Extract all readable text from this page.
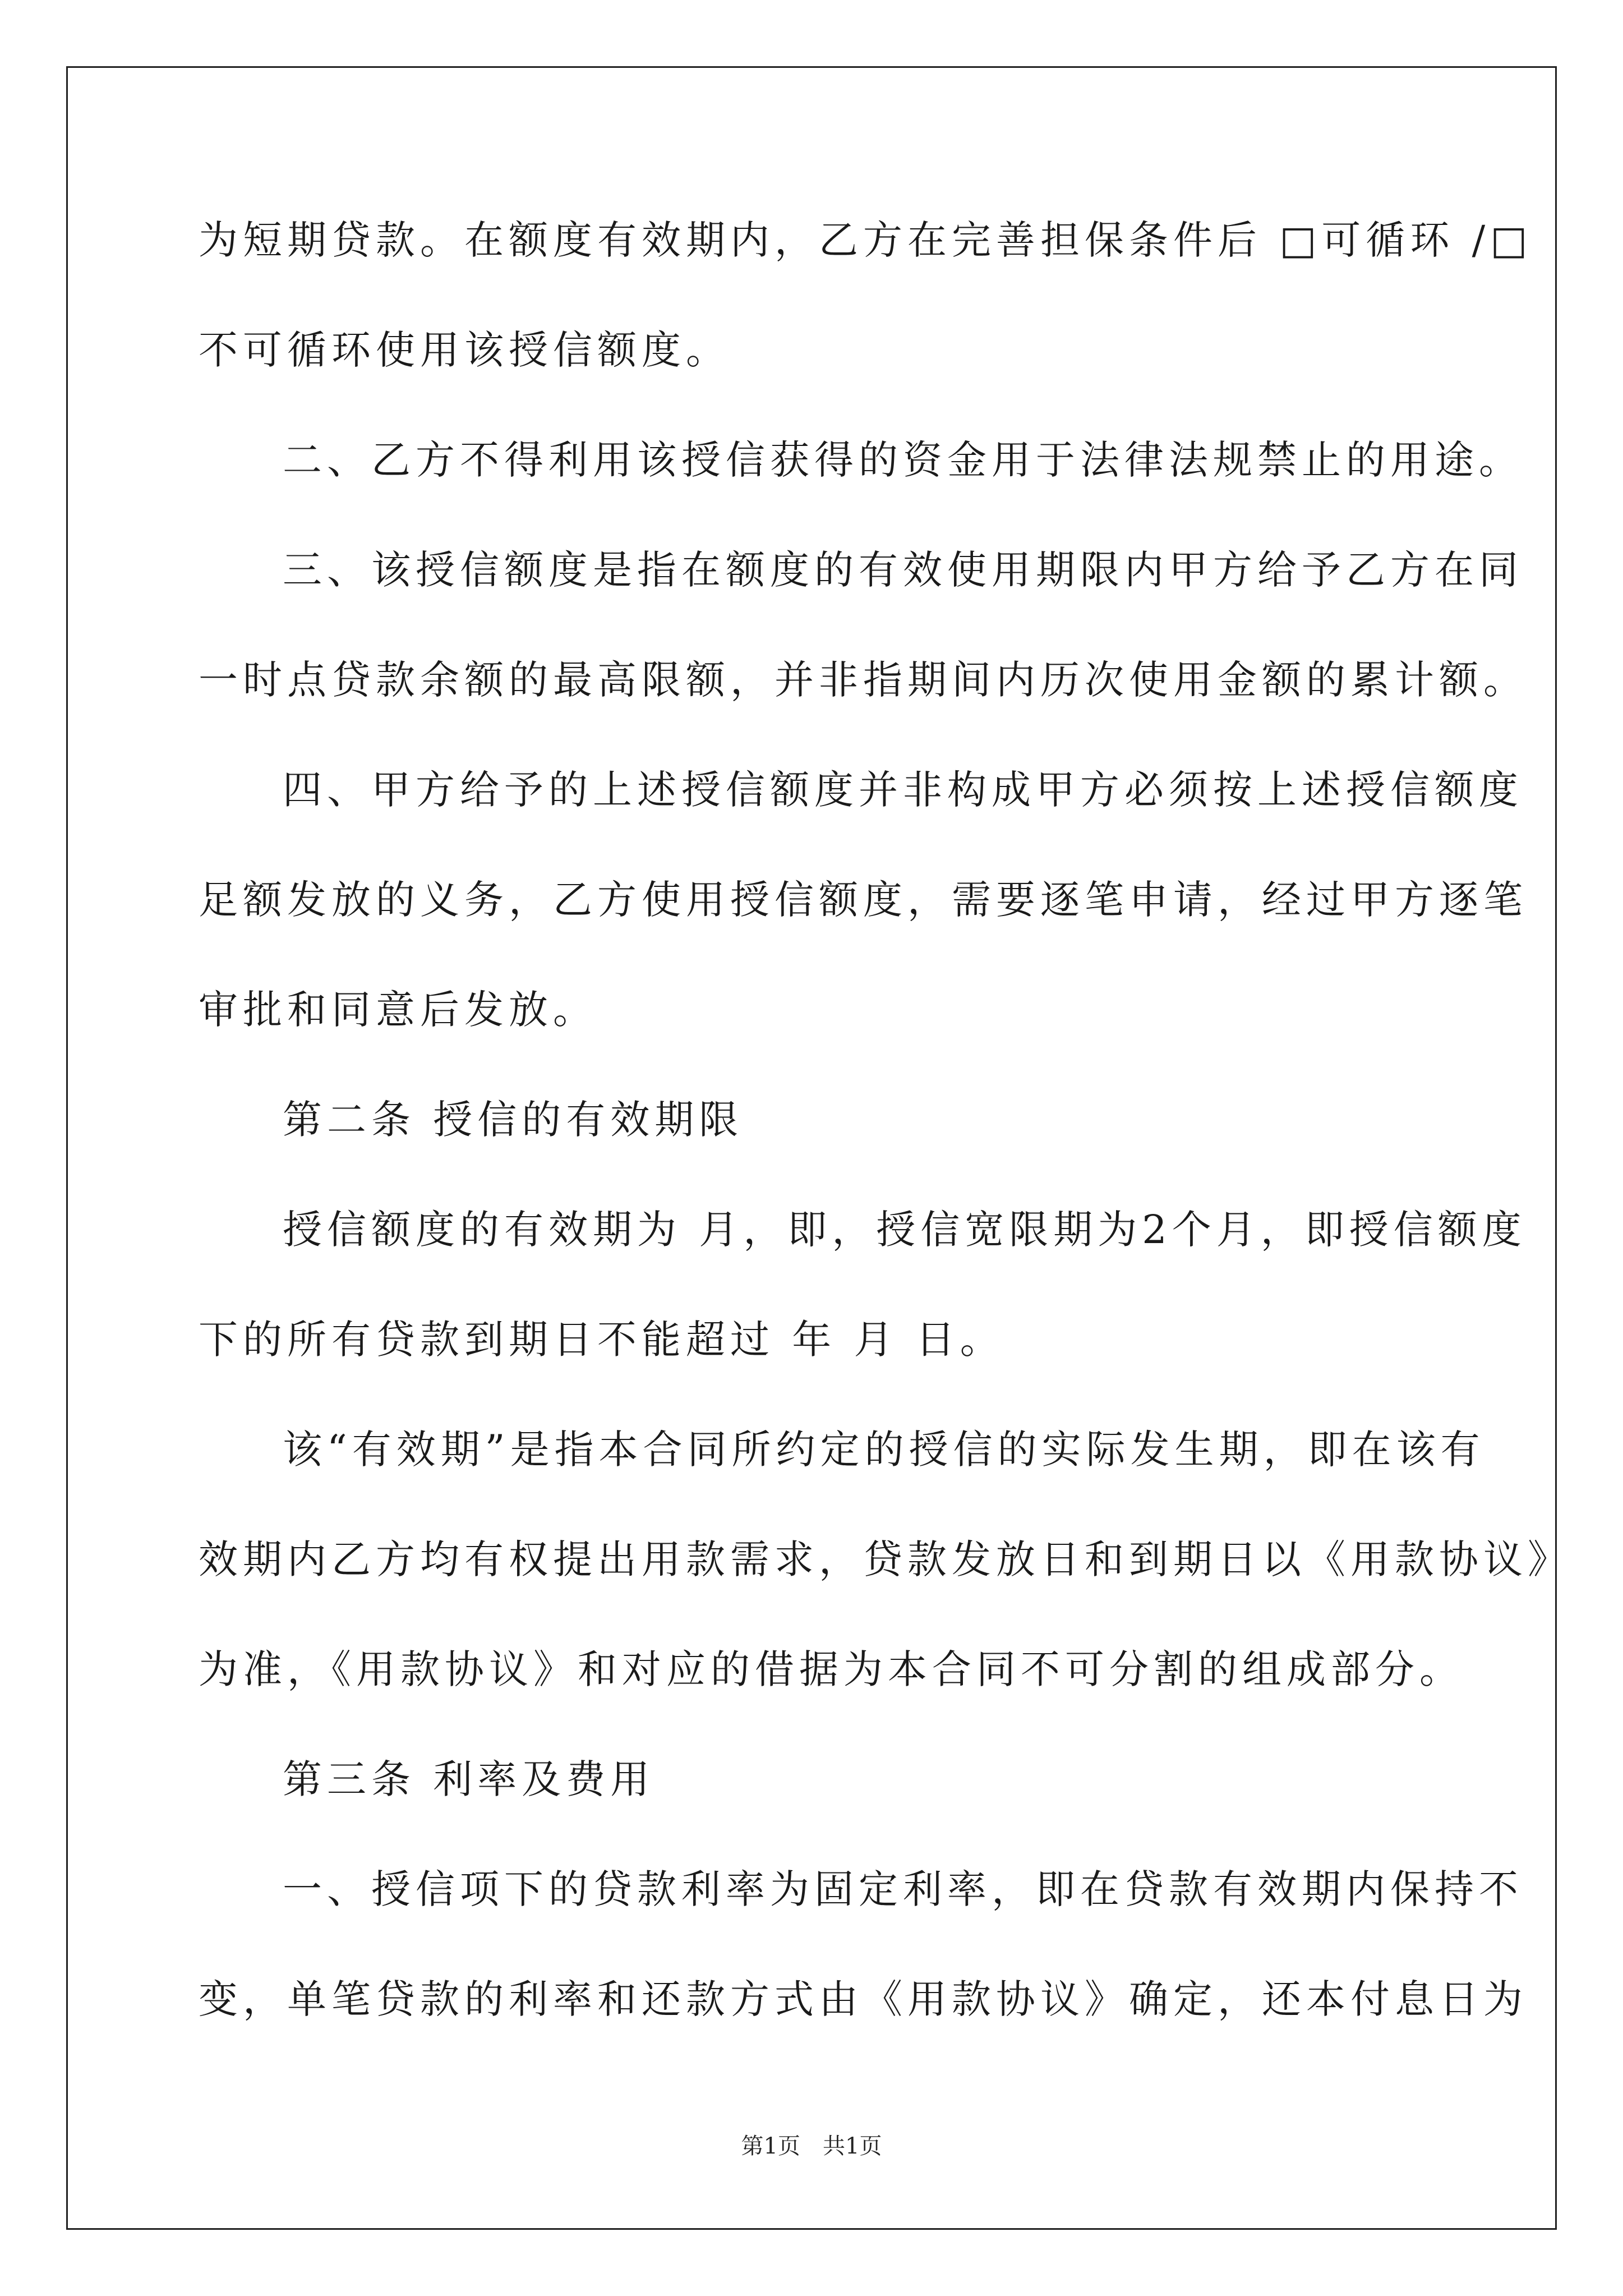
为短期贷款。在额度有效期内，乙方在完善担保条件后 □可循环 /□
不可循环使用该授信额度。
二、乙方不得利用该授信获得的资金用于法律法规禁止的用途。
三、该授信额度是指在额度的有效使用期限内甲方给予乙方在同
一时点贷款余额的最高限额，并非指期间内历次使用金额的累计额。
四、甲方给予的上述授信额度并非构成甲方必须按上述授信额度
足额发放的义务，乙方使用授信额度，需要逐笔申请，经过甲方逐笔
审批和同意后发放。
第二条 授信的有效期限
授信额度的有效期为 月，即，授信宽限期为2个月，即授信额度
下的所有贷款到期日不能超过 年 月 日。
该“有效期”是指本合同所约定的授信的实际发生期，即在该有
效期内乙方均有权提出用款需求，贷款发放日和到期日以《用款协议》
为准，《用款协议》和对应的借据为本合同不可分割的组成部分。
第三条 利率及费用
一、授信项下的贷款利率为固定利率，即在贷款有效期内保持不
变，单笔贷款的利率和还款方式由《用款协议》确定，还本付息日为
第1页　共1页
